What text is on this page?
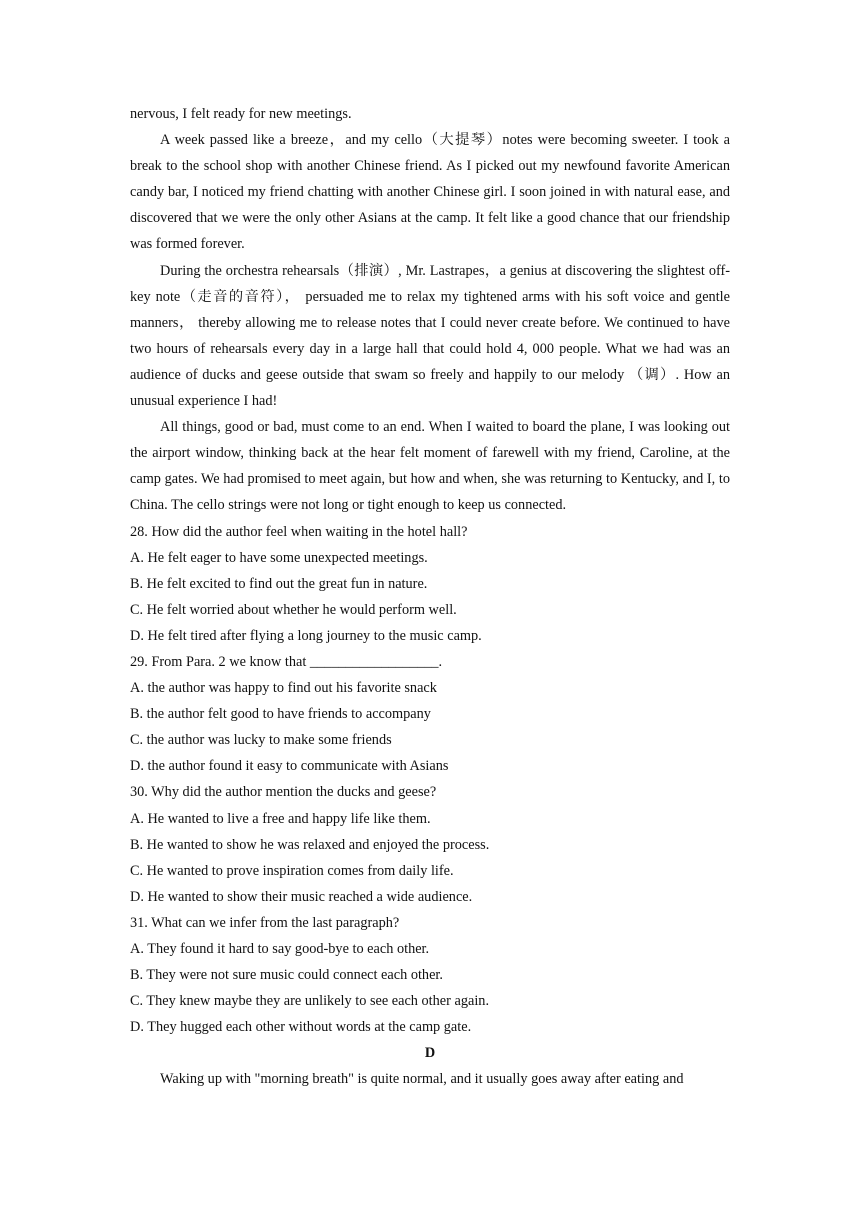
nervous, I felt ready for new meetings.

A week passed like a breeze，and my cello（大提琴）notes were becoming sweeter. I took a break to the school shop with another Chinese friend. As I picked out my newfound favorite American candy bar, I noticed my friend chatting with another Chinese girl. I soon joined in with natural ease, and discovered that we were the only other Asians at the camp. It felt like a good chance that our friendship was formed forever.

During the orchestra rehearsals（排演）, Mr. Lastrapes，a genius at discovering the slightest off-key note（走音的音符）， persuaded me to relax my tightened arms with his soft voice and gentle manners， thereby allowing me to release notes that I could never create before. We continued to have two hours of rehearsals every day in a large hall that could hold 4, 000 people. What we had was an audience of ducks and geese outside that swam so freely and happily to our melody （调）. How an unusual experience I had!

All things, good or bad, must come to an end. When I waited to board the plane, I was looking out the airport window, thinking back at the hear felt moment of farewell with my friend, Caroline, at the camp gates. We had promised to meet again, but how and when, she was returning to Kentucky, and I, to China. The cello strings were not long or tight enough to keep us connected.

28. How did the author feel when waiting in the hotel hall?

A. He felt eager to have some unexpected meetings.

B. He felt excited to find out the great fun in nature.

C. He felt worried about whether he would perform well.

D. He felt tired after flying a long journey to the music camp.

29. From Para. 2 we know that __________________.

A. the author was happy to find out his favorite snack

B. the author felt good to have friends to accompany

C. the author was lucky to make some friends

D. the author found it easy to communicate with Asians

30. Why did the author mention the ducks and geese?

A. He wanted to live a free and happy life like them.

B. He wanted to show he was relaxed and enjoyed the process.

C. He wanted to prove inspiration comes from daily life.

D. He wanted to show their music reached a wide audience.

31. What can we infer from the last paragraph?

A. They found it hard to say good-bye to each other.

B. They were not sure music could connect each other.

C. They knew maybe they are unlikely to see each other again.

D. They hugged each other without words at the camp gate.

D

Waking up with "morning breath" is quite normal, and it usually goes away after eating and
